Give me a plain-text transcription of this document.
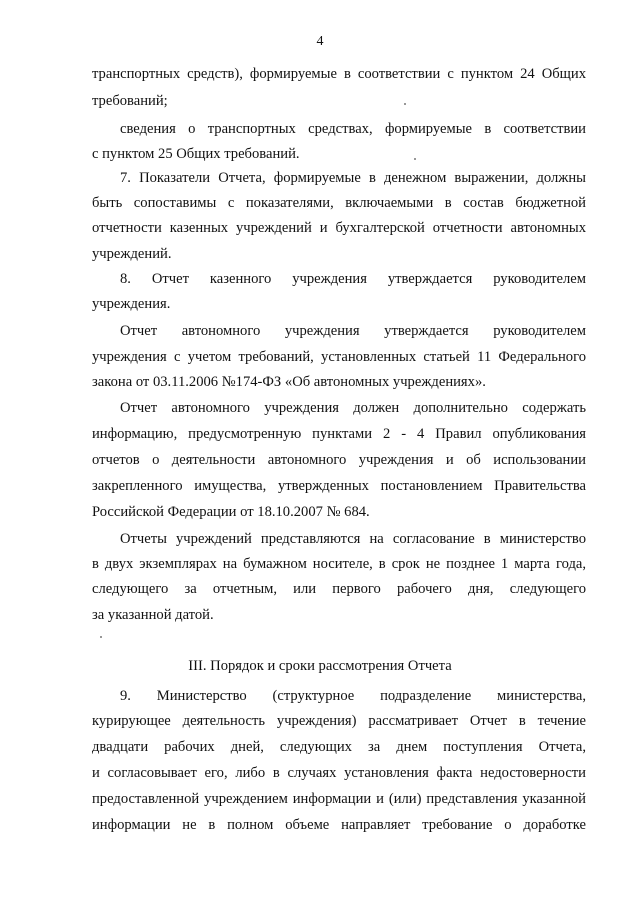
4
транспортных средств), формируемые в соответствии с пунктом 24 Общих
требований;
сведения о транспортных средствах, формируемые в соответствии
с пунктом 25 Общих требований.
7. Показатели Отчета, формируемые в денежном выражении, должны
быть сопоставимы с показателями, включаемыми в состав бюджетной
отчетности казенных учреждений и бухгалтерской отчетности автономных
учреждений.
8. Отчет казенного учреждения утверждается руководителем
учреждения.
Отчет автономного учреждения утверждается руководителем
учреждения с учетом требований, установленных статьей 11 Федерального
закона от 03.11.2006 №174-ФЗ «Об автономных учреждениях».
Отчет автономного учреждения должен дополнительно содержать
информацию, предусмотренную пунктами 2 - 4 Правил опубликования
отчетов о деятельности автономного учреждения и об использовании
закрепленного имущества, утвержденных постановлением Правительства
Российской Федерации от 18.10.2007 № 684.
Отчеты учреждений представляются на согласование в министерство
в двух экземплярах на бумажном носителе, в срок не позднее 1 марта года,
следующего за отчетным, или первого рабочего дня, следующего
за указанной датой.
III. Порядок и сроки рассмотрения Отчета
9. Министерство (структурное подразделение министерства,
курирующее деятельность учреждения) рассматривает Отчет в течение
двадцати рабочих дней, следующих за днем поступления Отчета,
и согласовывает его, либо в случаях установления факта недостоверности
предоставленной учреждением информации и (или) представления указанной
информации не в полном объеме направляет требование о доработке
